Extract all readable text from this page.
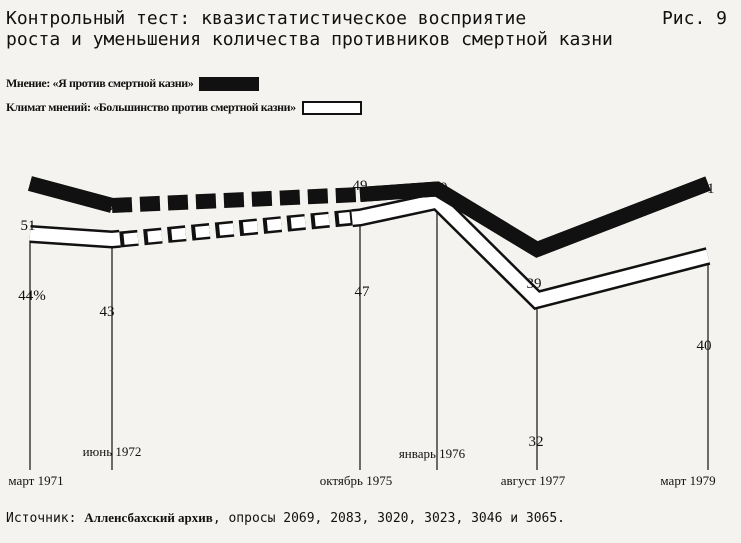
51
47
49	50
39
51
44%
43
47
32
40
март 1971
июнь 1972
октябрь 1975
январь 1976
август 1977	март 1979
Контрольный тест: квазистатистическое восприятие
роста и уменьшения количества противников смертной казни
Рис. 9
Мнение: «Я против смертной казни»
Климат мнений: «Большинство против смертной казни»
Источник: Алленсбахский архив, опросы 2069, 2083, 3020, 3023, 3046 и 3065.
